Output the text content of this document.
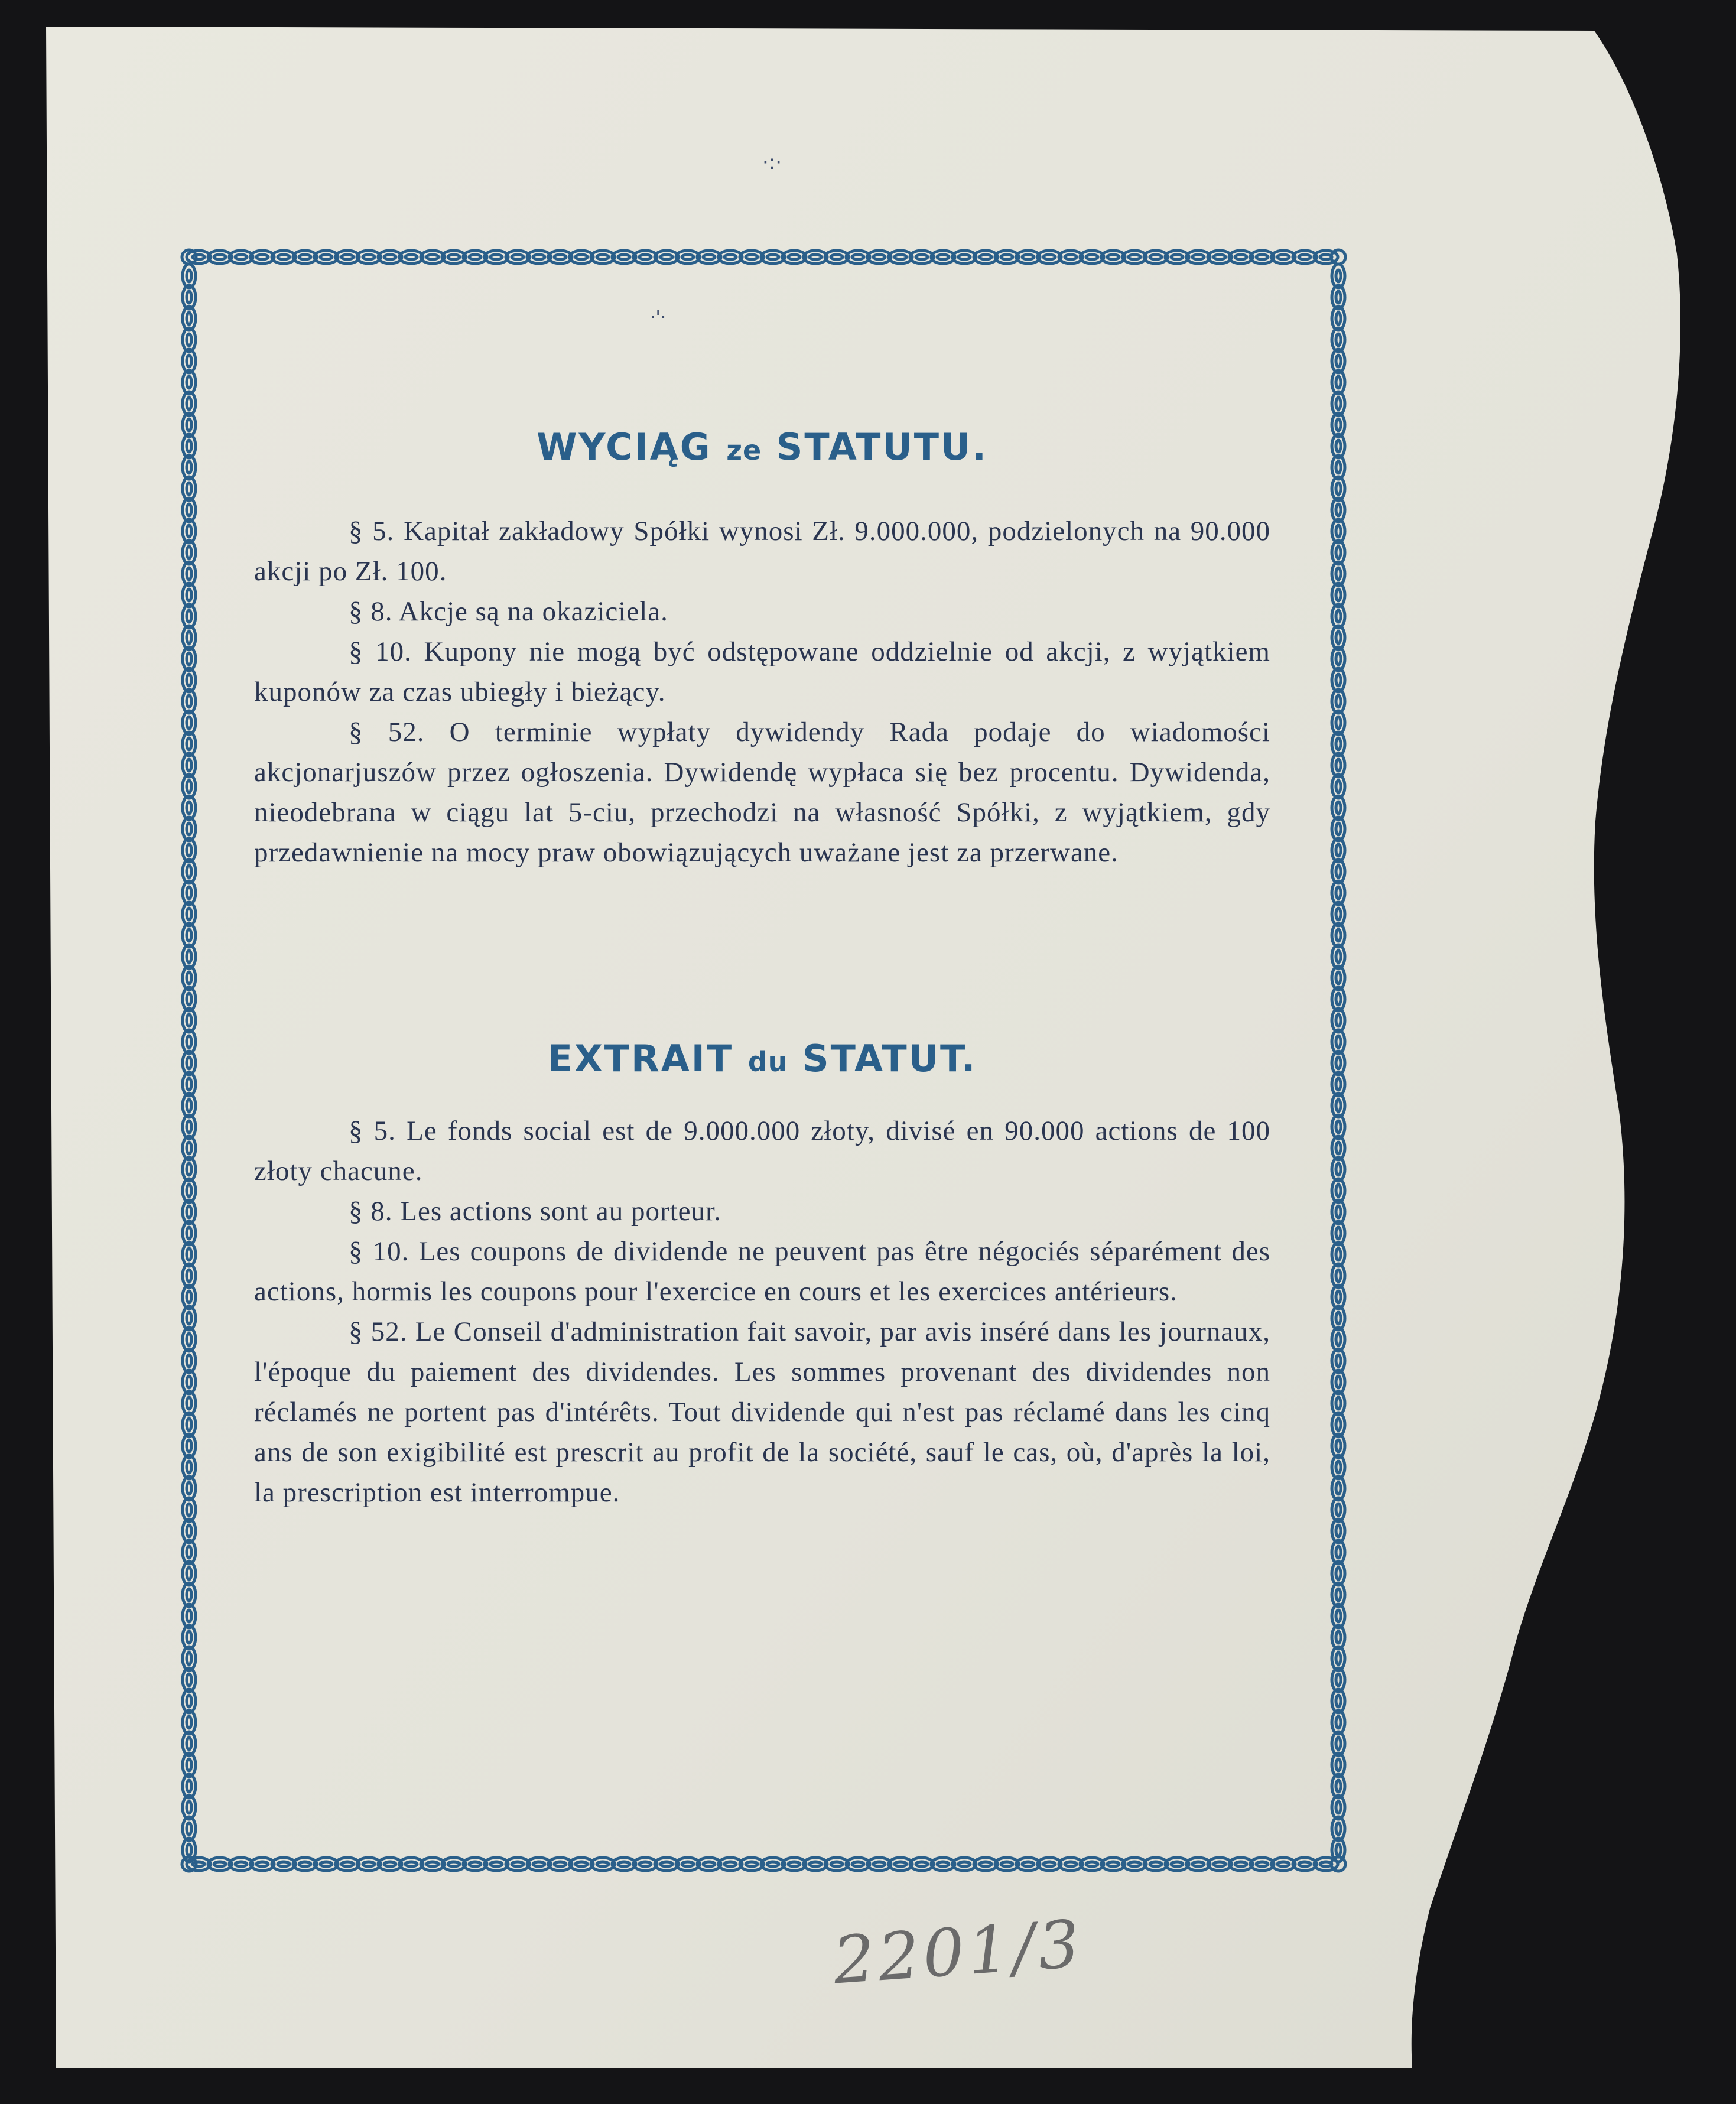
·:·
·'·
WYCIĄG ze STATUTU.

§ 5. Kapitał zakładowy Spółki wynosi Zł. 9.000.000, podzielonych na 90.000 akcji po Zł. 100.

§ 8. Akcje są na okaziciela.

§ 10. Kupony nie mogą być odstępowane oddzielnie od akcji, z wyjątkiem kuponów za czas ubiegły i bieżący.

§ 52. O terminie wypłaty dywidendy Rada podaje do wiadomości akcjonarjuszów przez ogłoszenia. Dywidendę wypłaca się bez procentu. Dywidenda, nieodebrana w ciągu lat 5-ciu, przechodzi na własność Spółki, z wyjątkiem, gdy przedawnienie na mocy praw obowiązujących uważane jest za przerwane.

EXTRAIT du STATUT.

§ 5. Le fonds social est de 9.000.000 złoty, divisé en 90.000 actions de 100 złoty chacune.

§ 8. Les actions sont au porteur.

§ 10. Les coupons de dividende ne peuvent pas être négociés séparément des actions, hormis les coupons pour l'exercice en cours et les exercices antérieurs.

§ 52. Le Conseil d'administration fait savoir, par avis inséré dans les journaux, l'époque du paiement des dividendes. Les sommes provenant des dividendes non réclamés ne portent pas d'intérêts. Tout dividende qui n'est pas réclamé dans les cinq ans de son exigibilité est prescrit au profit de la société, sauf le cas, où, d'après la loi, la prescription est interrompue.

2201/3
